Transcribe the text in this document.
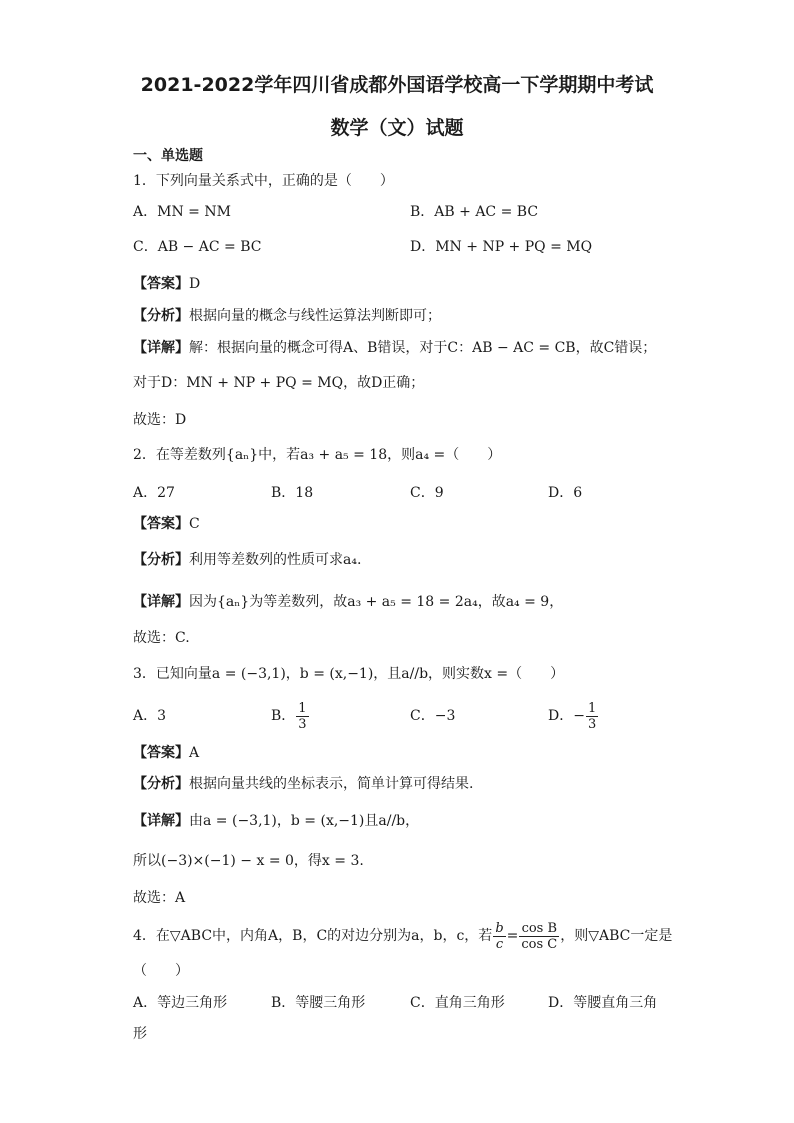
2021-2022学年四川省成都外国语学校高一下学期期中考试
数学（文）试题
一、单选题
1．下列向量关系式中，正确的是（　　）
A．MN = NM	B．AB + AC = BC
C．AB − AC = BC	D．MN + NP + PQ = MQ
【答案】D
【分析】根据向量的概念与线性运算法判断即可；
【详解】解：根据向量的概念可得A、B错误，对于C：AB − AC = CB，故C错误；
对于D：MN + NP + PQ = MQ，故D正确；
故选：D
2．在等差数列{aₙ}中，若a₃ + a₅ = 18，则a₄ =（　　）
A．27	B．18	C．9	D．6
【答案】C
【分析】利用等差数列的性质可求a₄.
【详解】因为{aₙ}为等差数列，故a₃ + a₅ = 18 = 2a₄，故a₄ = 9，
故选：C.
3．已知向量a = (−3,1)，b = (x,−1)，且a//b，则实数x =（　　）
A．3	B． $\frac{1}{3}$	C．−3	D．− $\frac{1}{3}$
【答案】A
【分析】根据向量共线的坐标表示，简单计算可得结果.
【详解】由a = (−3,1)，b = (x,−1)且a//b，
所以(−3)×(−1) − x = 0，得x = 3.
故选：A
4．在▽ABC中，内角A，B，C的对边分别为a，b，c，若 $\frac{b}{c} = \frac{\text{cos B}}{\text{cos C}}$ ，则▽ABC一定是
（　　）
A．等边三角形	B．等腰三角形	C．直角三角形	D．等腰直角三角
形
